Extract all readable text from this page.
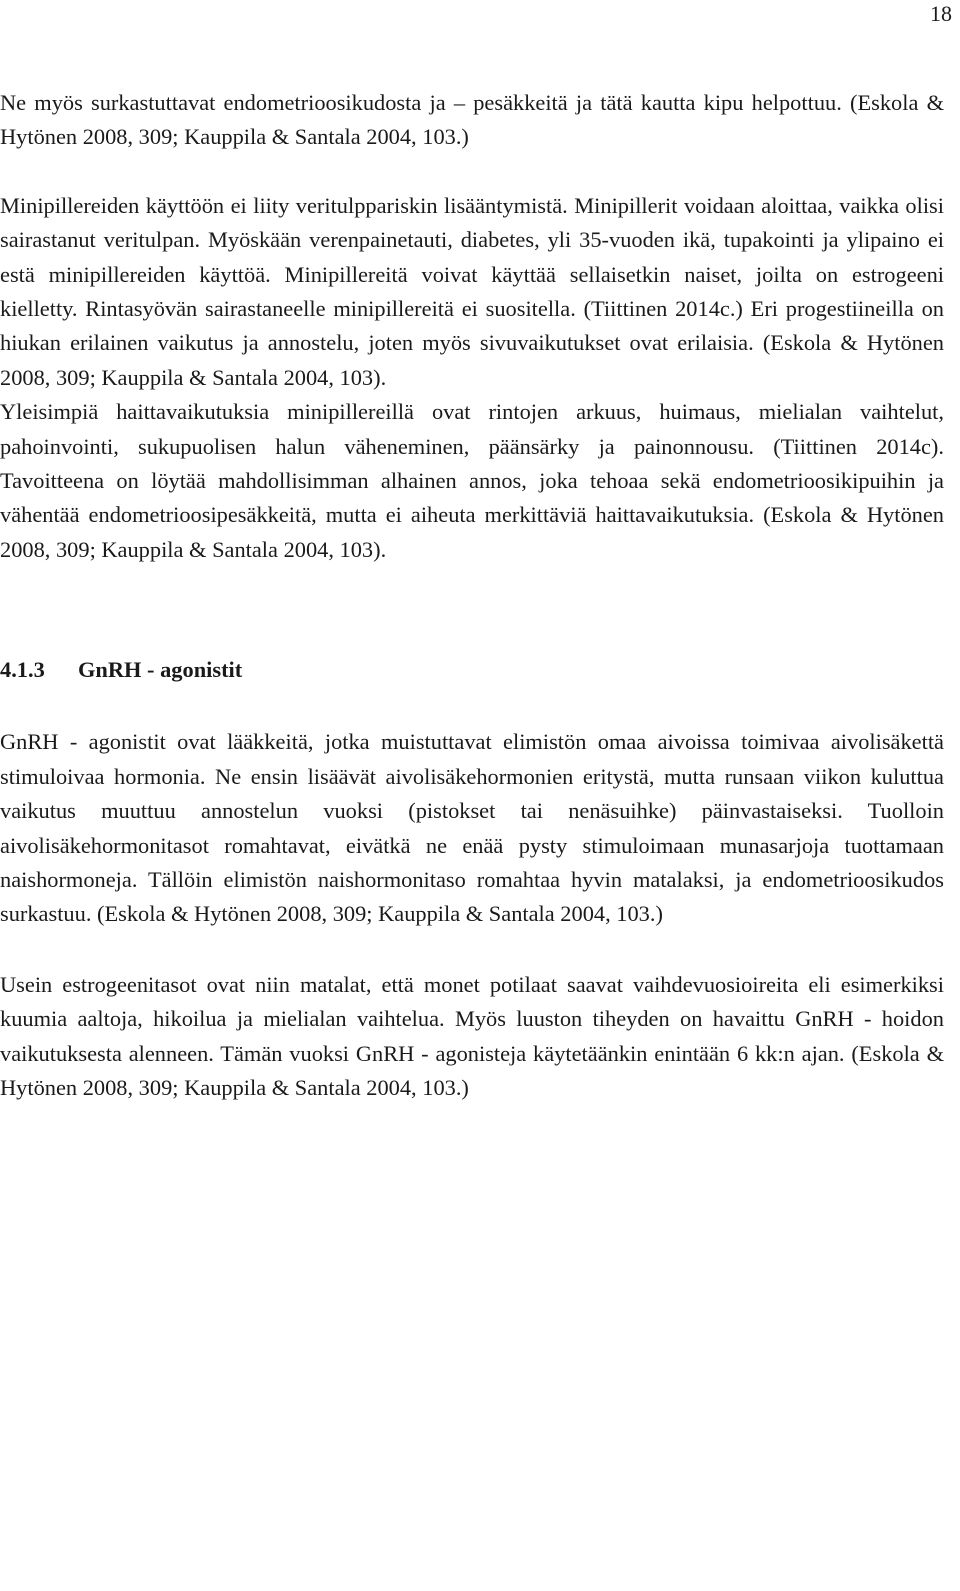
18

Ne myös surkastuttavat endometrioosikudosta ja – pesäkkeitä ja tätä kautta kipu helpottuu. (Eskola & Hytönen 2008, 309; Kauppila & Santala 2004, 103.)

Minipillereiden käyttöön ei liity veritulppariskin lisääntymistä. Minipillerit voidaan aloittaa, vaikka olisi sairastanut veritulpan. Myöskään verenpainetauti, diabetes, yli 35-vuoden ikä, tupakointi ja ylipaino ei estä minipillereiden käyttöä. Minipillereitä voivat käyttää sellaisetkin naiset, joilta on estrogeeni kielletty. Rintasyövän sairastaneelle minipillereitä ei suositella. (Tiittinen 2014c.) Eri progestiineilla on hiukan erilainen vaikutus ja annostelu, joten myös sivuvaikutukset ovat erilaisia. (Eskola & Hytönen 2008, 309; Kauppila & Santala 2004, 103).

Yleisimpiä haittavaikutuksia minipillereillä ovat rintojen arkuus, huimaus, mielialan vaihtelut, pahoinvointi, sukupuolisen halun väheneminen, päänsärky ja painonnousu. (Tiittinen 2014c). Tavoitteena on löytää mahdollisimman alhainen annos, joka tehoaa sekä endometrioosikipuihin ja vähentää endometrioosipesäkkeitä, mutta ei aiheuta merkittäviä haittavaikutuksia. (Eskola & Hytönen 2008, 309; Kauppila & Santala 2004, 103).

4.1.3	GnRH - agonistit

GnRH - agonistit ovat lääkkeitä, jotka muistuttavat elimistön omaa aivoissa toimivaa aivolisäkettä stimuloivaa hormonia. Ne ensin lisäävät aivolisäkehormonien eritystä, mutta runsaan viikon kuluttua vaikutus muuttuu annostelun vuoksi (pistokset tai nenäsuihke) päinvastaiseksi. Tuolloin aivolisäkehormonitasot romahtavat, eivätkä ne enää pysty stimuloimaan munasarjoja tuottamaan naishormoneja. Tällöin elimistön naishormonitaso romahtaa hyvin matalaksi, ja endometrioosikudos surkastuu. (Eskola & Hytönen 2008, 309; Kauppila & Santala 2004, 103.)

Usein estrogeenitasot ovat niin matalat, että monet potilaat saavat vaihdevuosioireita eli esimerkiksi kuumia aaltoja, hikoilua ja mielialan vaihtelua. Myös luuston tiheyden on havaittu GnRH - hoidon vaikutuksesta alenneen. Tämän vuoksi GnRH - agonisteja käytetäänkin enintään 6 kk:n ajan. (Eskola & Hytönen 2008, 309; Kauppila & Santala 2004, 103.)
